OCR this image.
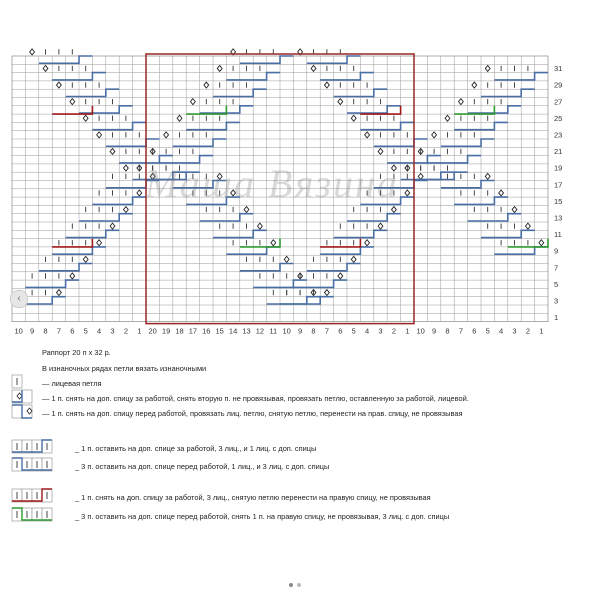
1
3
5
7
9
11
13
15
17
19
21
23
25
27
29
31
10 9 8 7 6 5 4 3 2 1 20 19 18 17 16 15 14 13 12 11 10 9 8 7 6 5 4 3 2 1 10 9 8 7 6 5 4 3 2 1
Маша Вязина
Раппорт 20 п х 32 р.
В изнаночных рядах петли вязать изнаночными
— лицевая петля
— 1 п. снять на доп. спицу за работой, снять вторую п. не провязывая, провязать петлю, оставленную за работой, лицевой.
— 1 п. снять на доп. спицу перед работой, провязать лиц. петлю, снятую петлю, перенести на прав. спицу, не провязывая
_ 1 п. оставить на доп. спице за работой, 3 лиц., и 1 лиц. с доп. спицы
_ 3 п. оставить на доп. спице перед работой, 1 лиц., и 3 лиц. с доп. спицы
_ 1 п. снять на доп. спицу за работой, 3 лиц., снятую петлю перенести на правую спицу, не провязывая
_ 3 п. оставить на доп. спице перед работой, снять 1 п. на правую спицу, не провязывая, 3 лиц. с доп. спицы
‹
